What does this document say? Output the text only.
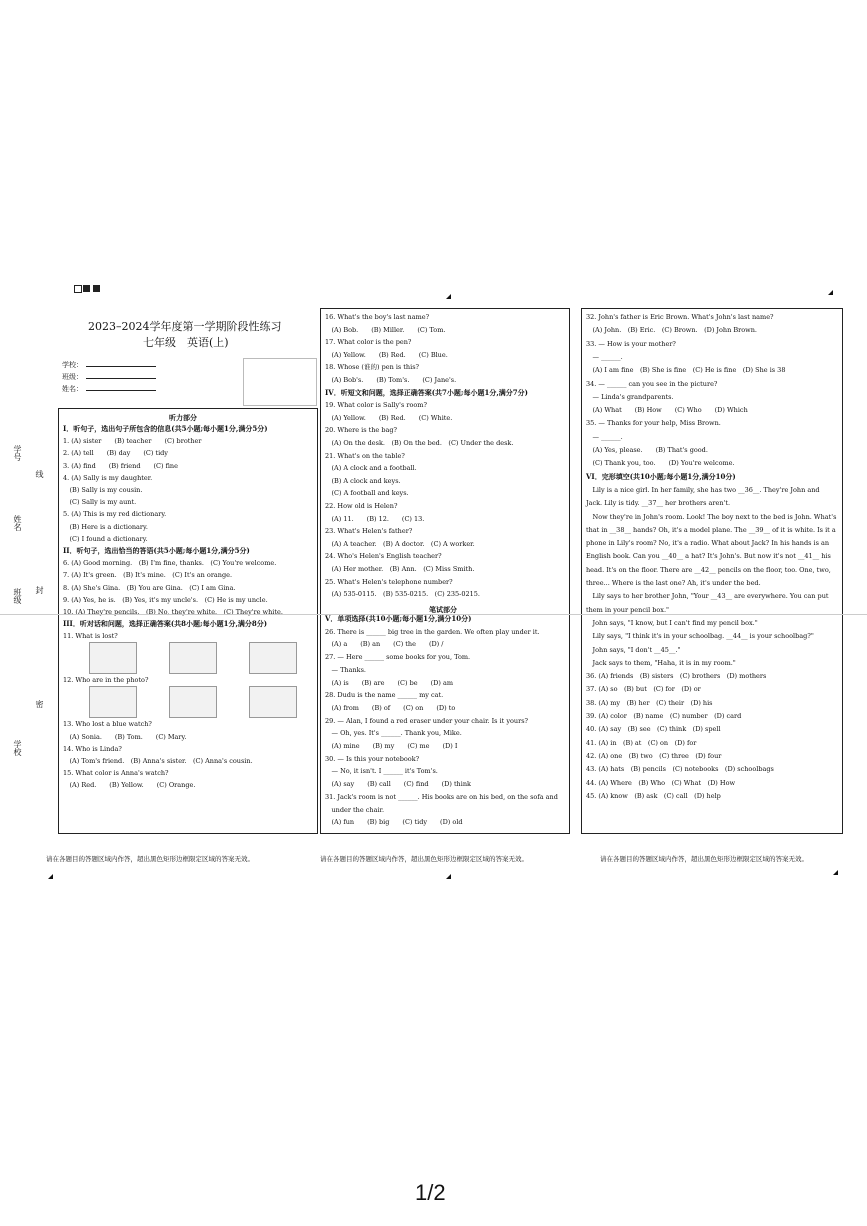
2023–2024学年度第一学期阶段性练习
七年级　英语(上)
学校：
班级：
姓名：
听力部分
I．听句子，选出句子所包含的信息(共5小题;每小题1分,满分5分)
1. (A) sister　　(B) teacher　　(C) brother
2. (A) tell　　(B) day　　(C) tidy
3. (A) find　　(B) friend　　(C) fine
4. (A) Sally is my daughter.
　(B) Sally is my cousin.
　(C) Sally is my aunt.
5. (A) This is my red dictionary.
　(B) Here is a dictionary.
　(C) I found a dictionary.
II．听句子，选出恰当的答语(共5小题;每小题1分,满分5分)
6. (A) Good morning.　(B) I'm fine, thanks.　(C) You're welcome.
7. (A) It's green.　(B) It's mine.　(C) It's an orange.
8. (A) She's Gina.　(B) You are Gina.　(C) I am Gina.
9. (A) Yes, he is.　(B) Yes, it's my uncle's.　(C) He is my uncle.
10. (A) They're pencils.　(B) No, they're white.　(C) They're white.
III．听对话和问题，选择正确答案(共8小题;每小题1分,满分8分)
11. What is lost?
12. Who are in the photo?
13. Who lost a blue watch?
　(A) Sonia.　　(B) Tom.　　(C) Mary.
14. Who is Linda?
　(A) Tom's friend.　(B) Anna's sister.　(C) Anna's cousin.
15. What color is Anna's watch?
　(A) Red.　　(B) Yellow.　　(C) Orange.
16. What's the boy's last name?
　(A) Bob.　　(B) Miller.　　(C) Tom.
17. What color is the pen?
　(A) Yellow.　　(B) Red.　　(C) Blue.
18. Whose (谁的) pen is this?
　(A) Bob's.　　(B) Tom's.　　(C) Jane's.
IV．听短文和问题，选择正确答案(共7小题;每小题1分,满分7分)
19. What color is Sally's room?
　(A) Yellow.　　(B) Red.　　(C) White.
20. Where is the bag?
　(A) On the desk.　(B) On the bed.　(C) Under the desk.
21. What's on the table?
　(A) A clock and a football.
　(B) A clock and keys.
　(C) A football and keys.
22. How old is Helen?
　(A) 11.　　(B) 12.　　(C) 13.
23. What's Helen's father?
　(A) A teacher.　(B) A doctor.　(C) A worker.
24. Who's Helen's English teacher?
　(A) Her mother.　(B) Ann.　(C) Miss Smith.
25. What's Helen's telephone number?
　(A) 535-0115.　(B) 535-0215.　(C) 235-0215.
笔试部分
V．单项选择(共10小题;每小题1分,满分10分)
26. There is ______ big tree in the garden. We often play under it.
　(A) a　　(B) an　　(C) the　　(D) /
27. — Here ______ some books for you, Tom.
　— Thanks.
　(A) is　　(B) are　　(C) be　　(D) am
28. Dudu is the name ______ my cat.
　(A) from　　(B) of　　(C) on　　(D) to
29. — Alan, I found a red eraser under your chair. Is it yours?
　— Oh, yes. It's ______. Thank you, Mike.
　(A) mine　　(B) my　　(C) me　　(D) I
30. — Is this your notebook?
　— No, it isn't. I ______ it's Tom's.
　(A) say　　(B) call　　(C) find　　(D) think
31. Jack's room is not ______. His books are on his bed, on the sofa and
　under the chair.
　(A) fun　　(B) big　　(C) tidy　　(D) old
32. John's father is Eric Brown. What's John's last name?
　(A) John.　(B) Eric.　(C) Brown.　(D) John Brown.
33. — How is your mother?
　— ______.
　(A) I am fine　(B) She is fine　(C) He is fine　(D) She is 38
34. — ______ can you see in the picture?
　— Linda's grandparents.
　(A) What　　(B) How　　(C) Who　　(D) Which
35. — Thanks for your help, Miss Brown.
　— ______.
　(A) Yes, please.　　(B) That's good.
　(C) Thank you, too.　　(D) You're welcome.
VI．完形填空(共10小题;每小题1分,满分10分)
　Lily is a nice girl. In her family, she has two __36__. They're John and
Jack. Lily is tidy. __37__ her brothers aren't.
　Now they're in John's room. Look! The boy next to the bed is John. What's
that in __38__ hands? Oh, it's a model plane. The __39__ of it is white. Is it a
phone in Lily's room? No, it's a radio. What about Jack? In his hands is an
English book. Can you __40__ a hat? It's John's. But now it's not __41__ his
head. It's on the floor. There are __42__ pencils on the floor, too. One, two,
three... Where is the last one? Ah, it's under the bed.
　Lily says to her brother John, "Your __43__ are everywhere. You can put
them in your pencil box."
　John says, "I know, but I can't find my pencil box."
　Lily says, "I think it's in your schoolbag. __44__ is your schoolbag?"
　John says, "I don't __45__."
　Jack says to them, "Haha, it is in my room."
36. (A) friends　(B) sisters　(C) brothers　(D) mothers
37. (A) so　(B) but　(C) for　(D) or
38. (A) my　(B) her　(C) their　(D) his
39. (A) color　(B) name　(C) number　(D) card
40. (A) say　(B) see　(C) think　(D) spell
41. (A) in　(B) at　(C) on　(D) for
42. (A) one　(B) two　(C) three　(D) four
43. (A) hats　(B) pencils　(C) notebooks　(D) schoolbags
44. (A) Where　(B) Who　(C) What　(D) How
45. (A) know　(B) ask　(C) call　(D) help
请在各题目的答题区域内作答，超出黑色矩形边框限定区域的答案无效。	请在各题目的答题区域内作答，超出黑色矩形边框限定区域的答案无效。	请在各题目的答题区域内作答，超出黑色矩形边框限定区域的答案无效。
学号
姓名
班级
学校
封
线
密
1/2
